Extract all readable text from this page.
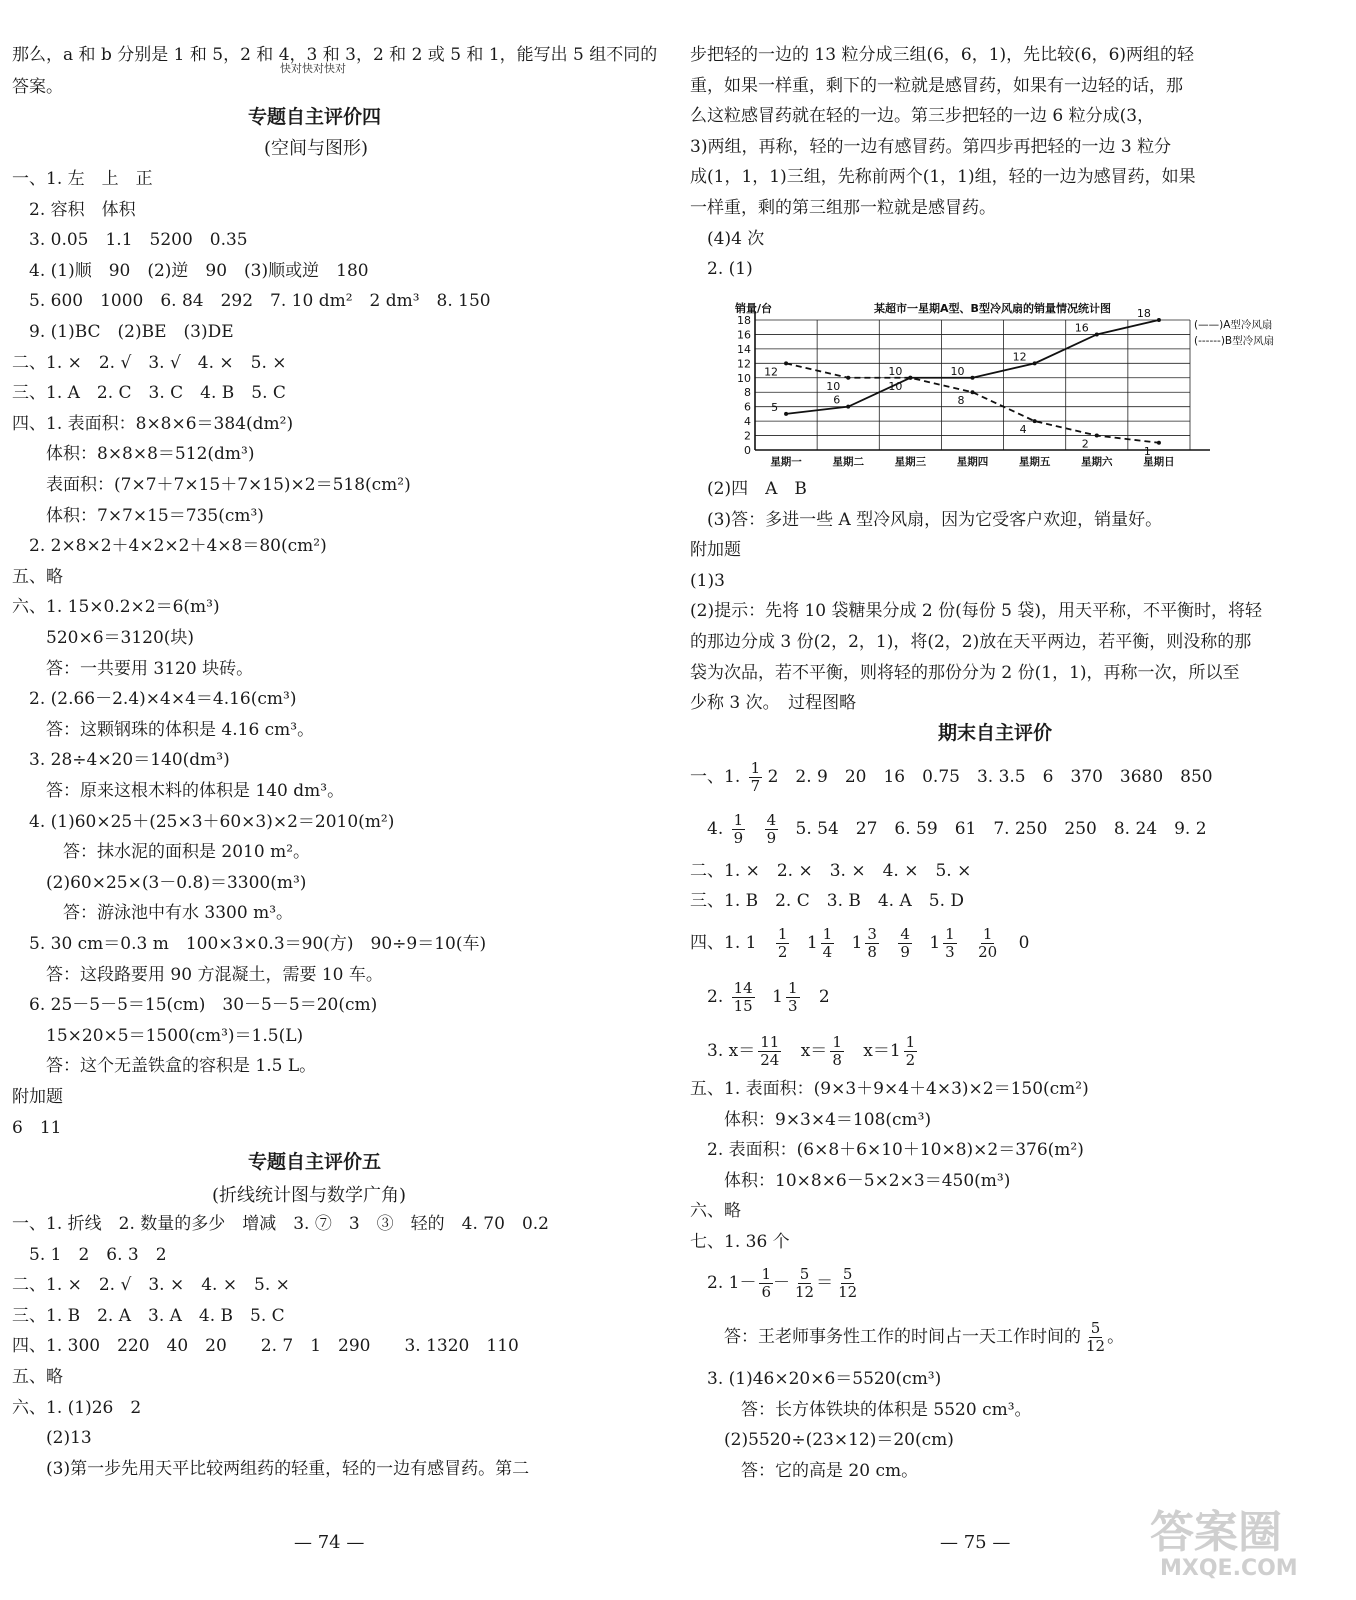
那么，a 和 b 分别是 1 和 5，2 和 4，3 和 3，2 和 2 或 5 和 1，能写出 5 组不同的
快对快对快对
答案。
专题自主评价四
(空间与图形)
一、1. 左　上　正
　2. 容积　体积
　3. 0.05　1.1　5200　0.35
　4. (1)顺　90　(2)逆　90　(3)顺或逆　180
　5. 600　1000　6. 84　292　7. 10 dm²　2 dm³　8. 150
　9. (1)BC　(2)BE　(3)DE
二、1. ×　2. √　3. √　4. ×　5. ×
三、1. A　2. C　3. C　4. B　5. C
四、1. 表面积：8×8×6＝384(dm²)
　　体积：8×8×8＝512(dm³)
　　表面积：(7×7＋7×15＋7×15)×2＝518(cm²)
　　体积：7×7×15＝735(cm³)
　2. 2×8×2＋4×2×2＋4×8＝80(cm²)
五、略
六、1. 15×0.2×2＝6(m³)
　　520×6＝3120(块)
　　答：一共要用 3120 块砖。
　2. (2.66－2.4)×4×4＝4.16(cm³)
　　答：这颗钢珠的体积是 4.16 cm³。
　3. 28÷4×20＝140(dm³)
　　答：原来这根木料的体积是 140 dm³。
　4. (1)60×25＋(25×3＋60×3)×2＝2010(m²)
　　　答：抹水泥的面积是 2010 m²。
　　(2)60×25×(3－0.8)＝3300(m³)
　　　答：游泳池中有水 3300 m³。
　5. 30 cm＝0.3 m　100×3×0.3＝90(方)　90÷9＝10(车)
　　答：这段路要用 90 方混凝土，需要 10 车。
　6. 25－5－5＝15(cm)　30－5－5＝20(cm)
　　15×20×5＝1500(cm³)＝1.5(L)
　　答：这个无盖铁盒的容积是 1.5 L。
附加题
6　11
专题自主评价五
(折线统计图与数学广角)
一、1. 折线　2. 数量的多少　增减　3. ⑦　3　③　轻的　4. 70　0.2
　5. 1　2　6. 3　2
二、1. ×　2. √　3. ×　4. ×　5. ×
三、1. B　2. A　3. A　4. B　5. C
四、1. 300　220　40　20　　2. 7　1　290　　3. 1320　110
五、略
六、1. (1)26　2
　　(2)13
　　(3)第一步先用天平比较两组药的轻重，轻的一边有感冒药。第二
— 74 —
步把轻的一边的 13 粒分成三组(6，6，1)，先比较(6，6)两组的轻
重，如果一样重，剩下的一粒就是感冒药，如果有一边轻的话，那
么这粒感冒药就在轻的一边。第三步把轻的一边 6 粒分成(3，
3)两组，再称，轻的一边有感冒药。第四步再把轻的一边 3 粒分
成(1，1，1)三组，先称前两个(1，1)组，轻的一边为感冒药，如果
一样重，剩的第三组那一粒就是感冒药。
　(4)4 次
　2. (1)
某超市一星期A型、B型冷风扇的销量情况统计图
0
2
4
6
8
10
12
14
16
18
销量/台
星期一	星期二	星期三	星期四	星期五	星期六	星期日
5
6
10	10
12
16
18
(——)A型冷风扇
12
10	10
8
4
2
1
(------)B型冷风扇
　(2)四　A　B
　(3)答：多进一些 A 型冷风扇，因为它受客户欢迎，销量好。
附加题
(1)3
(2)提示：先将 10 袋糖果分成 2 份(每份 5 袋)，用天平称，不平衡时，将轻
的那边分成 3 份(2，2，1)，将(2，2)放在天平两边，若平衡，则没称的那
袋为次品，若不平衡，则将轻的那份分为 2 份(1，1)，再称一次，所以至
少称 3 次。　过程图略
期末自主评价
一、1. $\frac{1}{7} 2$　2. 9　20　16　0.75　3. 3.5　6　370　3680　850
　4. $\frac{1}{9}$
$\frac{4}{9} 5$. 54　27　6. 59　61　7. 250　250　8. 24　9. 2
二、1. ×　2. ×　3. ×　4. ×　5. ×
三、1. B　2. C　3. B　4. A　5. D
四、1. $1 \frac{1}{2} 1 \frac{1}{4} 1 \frac{3}{8}$
$\frac{4}{9} 1 \frac{1}{3}$
$\frac{1}{20} 0$
　2. $\frac{14}{15} 1 \frac{1}{3} 2$
　3. $x= \frac{11}{24} x= \frac{1}{8} x=1 \frac{1}{2}$
五、1. 表面积：(9×3＋9×4＋4×3)×2＝150(cm²)
　　体积：9×3×4＝108(cm³)
　2. 表面积：(6×8＋6×10＋10×8)×2＝376(m²)
　　体积：10×8×6－5×2×3＝450(m³)
六、略
七、1. 36 个
　2. $1- \frac{1}{6} - \frac{5}{12} = \frac{5}{12}$
　　答：王老师事务性工作的时间占一天工作时间的 $\frac{5}{12}$ 。
　3. (1)46×20×6＝5520(cm³)
　　　答：长方体铁块的体积是 5520 cm³。
　　(2)5520÷(23×12)＝20(cm)
　　　答：它的高是 20 cm。
— 75 —	答案圈
MXQE.COM
